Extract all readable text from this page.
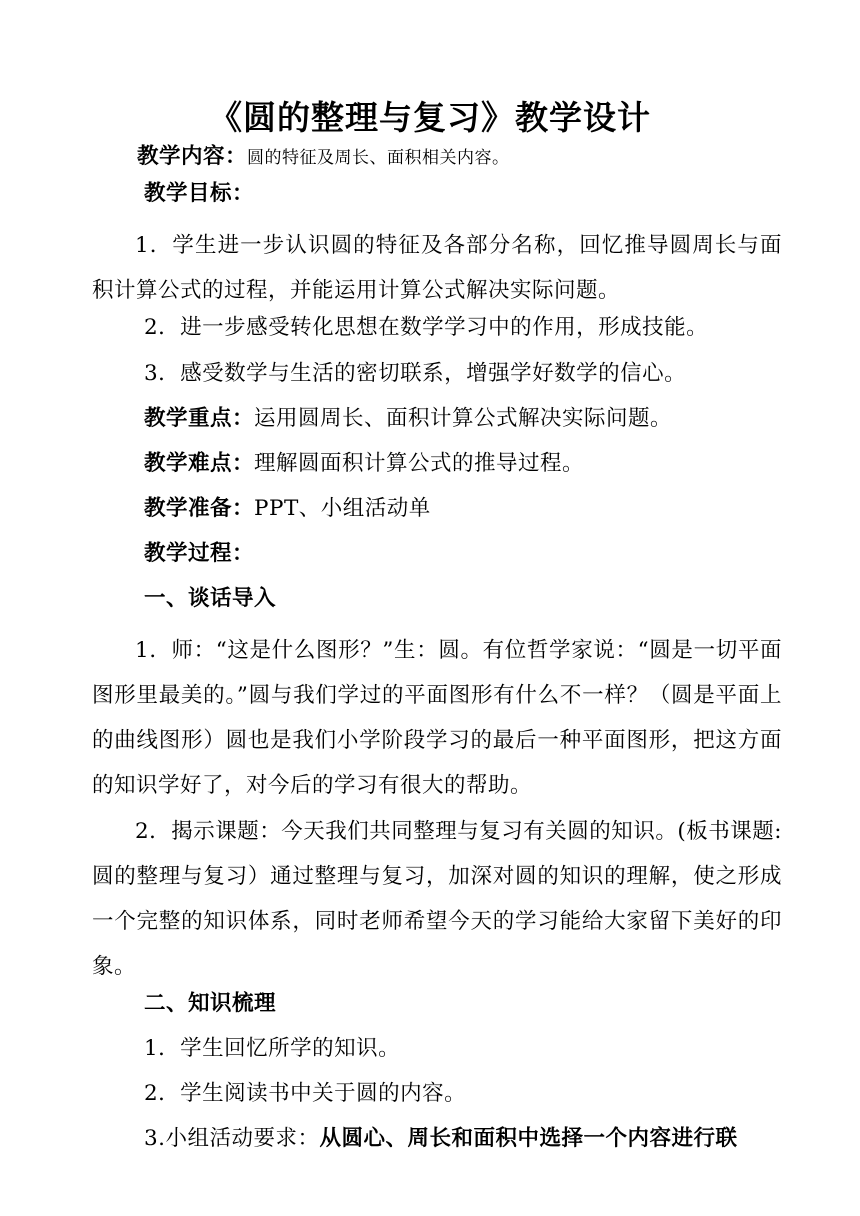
《圆的整理与复习》教学设计
教学内容：圆的特征及周长、面积相关内容。
教学目标：
1．学生进一步认识圆的特征及各部分名称，回忆推导圆周长与面积计算公式的过程，并能运用计算公式解决实际问题。
2．进一步感受转化思想在数学学习中的作用，形成技能。
3．感受数学与生活的密切联系，增强学好数学的信心。
教学重点：运用圆周长、面积计算公式解决实际问题。
教学难点：理解圆面积计算公式的推导过程。
教学准备：PPT、小组活动单
教学过程：
一、谈话导入
1．师：“这是什么图形？”生：圆。有位哲学家说：“圆是一切平面图形里最美的。”圆与我们学过的平面图形有什么不一样？（圆是平面上的曲线图形）圆也是我们小学阶段学习的最后一种平面图形，把这方面的知识学好了，对今后的学习有很大的帮助。
2．揭示课题：今天我们共同整理与复习有关圆的知识。(板书课题:圆的整理与复习）通过整理与复习，加深对圆的知识的理解，使之形成一个完整的知识体系，同时老师希望今天的学习能给大家留下美好的印象。
二、知识梳理
1．学生回忆所学的知识。
2．学生阅读书中关于圆的内容。
3.小组活动要求：从圆心、周长和面积中选择一个内容进行联
